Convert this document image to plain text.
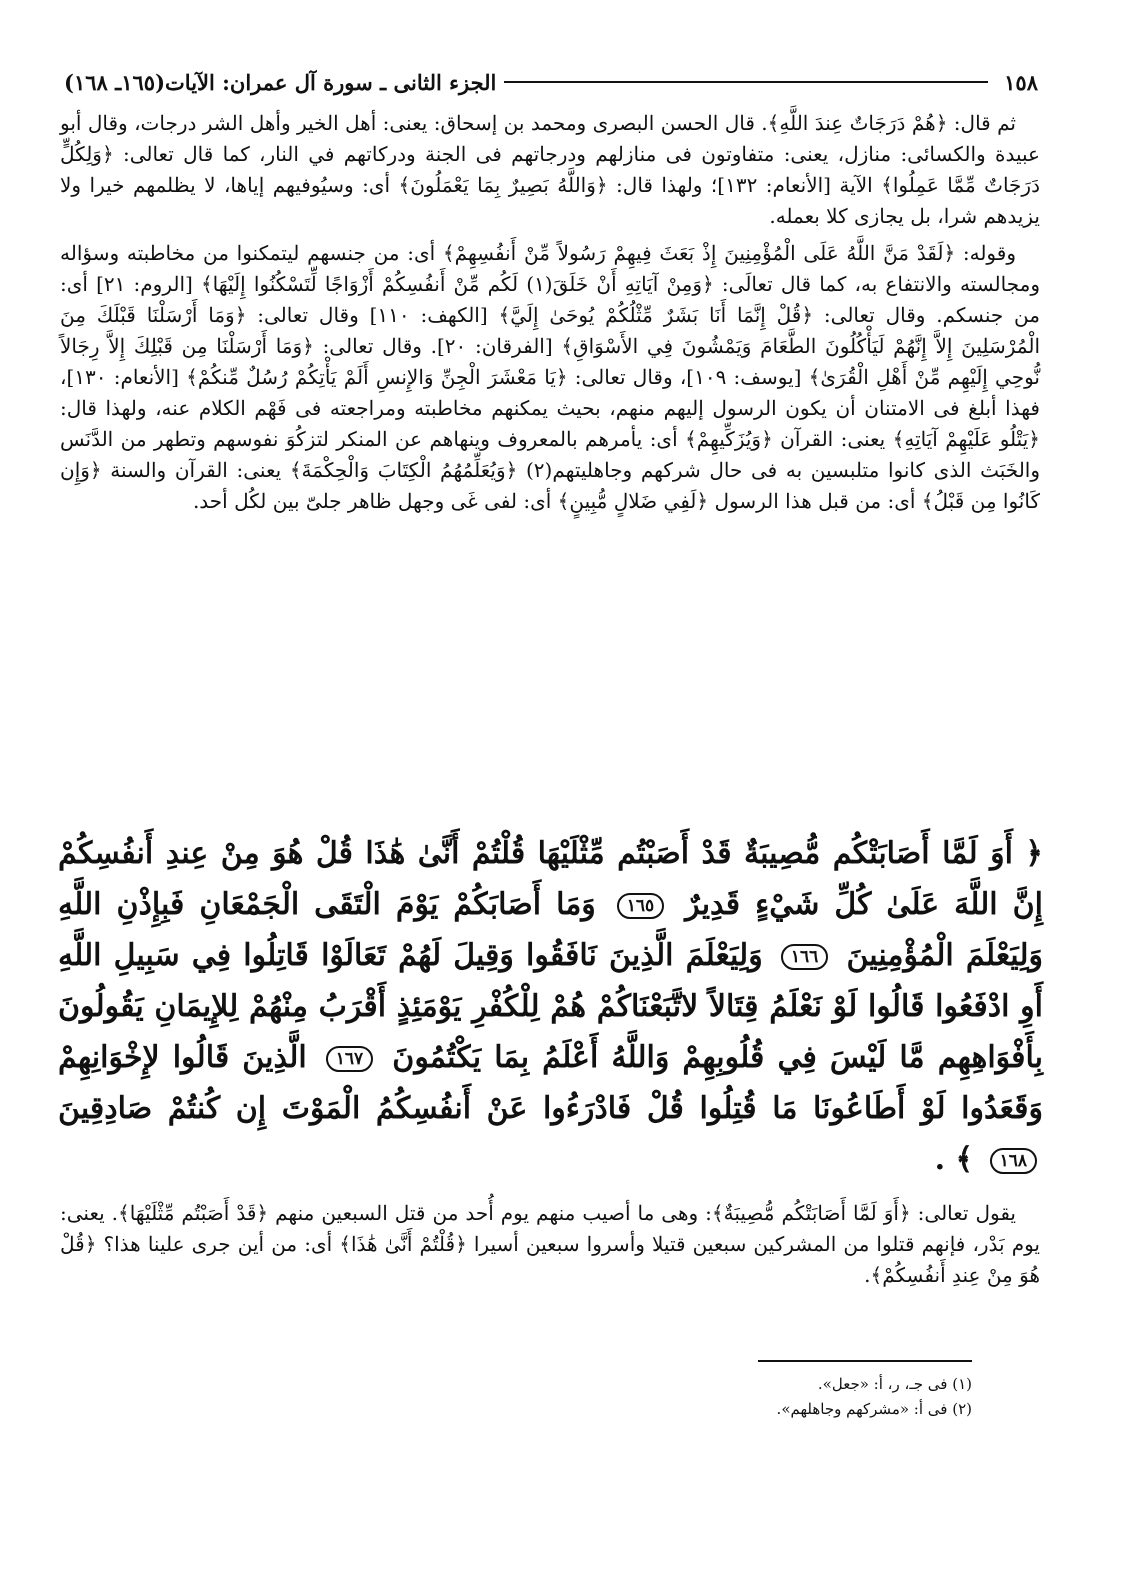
١٥٨
الجزء الثانى ـ سورة آل عمران: الآيات(١٦٥ـ ١٦٨)

ثم قال: ﴿هُمْ دَرَجَاتٌ عِندَ اللَّهِ﴾. قال الحسن البصرى ومحمد بن إسحاق: يعنى: أهل الخير وأهل الشر درجات، وقال أبو عبيدة والكسائى: منازل، يعنى: متفاوتون فى منازلهم ودرجاتهم فى الجنة ودركاتهم في النار، كما قال تعالى: ﴿وَلِكُلٍّ دَرَجَاتٌ مِّمَّا عَمِلُوا﴾ الآية [الأنعام: ١٣٢]؛ ولهذا قال: ﴿وَاللَّهُ بَصِيرٌ بِمَا يَعْمَلُونَ﴾ أى: وسيُوفيهم إياها، لا يظلمهم خيرا ولا يزيدهم شرا، بل يجازى كلا بعمله.

وقوله: ﴿لَقَدْ مَنَّ اللَّهُ عَلَى الْمُؤْمِنِينَ إِذْ بَعَثَ فِيهِمْ رَسُولاً مِّنْ أَنفُسِهِمْ﴾ أى: من جنسهم ليتمكنوا من مخاطبته وسؤاله ومجالسته والانتفاع به، كما قال تعالَى: ﴿وَمِنْ آيَاتِهِ أَنْ خَلَقَ(١) لَكُم مِّنْ أَنفُسِكُمْ أَزْوَاجًا لِّتَسْكُنُوا إِلَيْهَا﴾ [الروم: ٢١] أى: من جنسكم. وقال تعالى: ﴿قُلْ إِنَّمَا أَنَا بَشَرٌ مِّثْلُكُمْ يُوحَىٰ إِلَيَّ﴾ [الكهف: ١١٠] وقال تعالى: ﴿وَمَا أَرْسَلْنَا قَبْلَكَ مِنَ الْمُرْسَلِينَ إِلاَّ إِنَّهُمْ لَيَأْكُلُونَ الطَّعَامَ وَيَمْشُونَ فِي الأَسْوَاقِ﴾ [الفرقان: ٢٠]. وقال تعالى: ﴿وَمَا أَرْسَلْنَا مِن قَبْلِكَ إِلاَّ رِجَالاً نُّوحِي إِلَيْهِم مِّنْ أَهْلِ الْقُرَىٰ﴾ [يوسف: ١٠٩]، وقال تعالى: ﴿يَا مَعْشَرَ الْجِنِّ وَالإِنسِ أَلَمْ يَأْتِكُمْ رُسُلٌ مِّنكُمْ﴾ [الأنعام: ١٣٠]، فهذا أبلغ فى الامتنان أن يكون الرسول إليهم منهم، بحيث يمكنهم مخاطبته ومراجعته فى فَهْم الكلام عنه، ولهذا قال: ﴿يَتْلُو عَلَيْهِمْ آيَاتِهِ﴾ يعنى: القرآن ﴿وَيُزَكِّيهِمْ﴾ أى: يأمرهم بالمعروف وينهاهم عن المنكر لتزكُوَ نفوسهم وتطهر من الدَّنَس والخَبَث الذى كانوا متلبسين به فى حال شركهم وجاهليتهم(٢) ﴿وَيُعَلِّمُهُمُ الْكِتَابَ وَالْحِكْمَةَ﴾ يعنى: القرآن والسنة ﴿وَإِن كَانُوا مِن قَبْلُ﴾ أى: من قبل هذا الرسول ﴿لَفِي ضَلالٍ مُّبِينٍ﴾ أى: لفى غَى وجهل ظاهر جلىّ بين لكُل أحد.

﴿ أَوَ لَمَّا أَصَابَتْكُم مُّصِيبَةٌ قَدْ أَصَبْتُم مِّثْلَيْهَا قُلْتُمْ أَنَّىٰ هَٰذَا قُلْ هُوَ مِنْ عِندِ أَنفُسِكُمْ إِنَّ اللَّهَ عَلَىٰ كُلِّ شَيْءٍ قَدِيرٌ ١٦٥ وَمَا أَصَابَكُمْ يَوْمَ الْتَقَى الْجَمْعَانِ فَبِإِذْنِ اللَّهِ وَلِيَعْلَمَ الْمُؤْمِنِينَ ١٦٦ وَلِيَعْلَمَ الَّذِينَ نَافَقُوا وَقِيلَ لَهُمْ تَعَالَوْا قَاتِلُوا فِي سَبِيلِ اللَّهِ أَوِ ادْفَعُوا قَالُوا لَوْ نَعْلَمُ قِتَالاً لاتَّبَعْنَاكُمْ هُمْ لِلْكُفْرِ يَوْمَئِذٍ أَقْرَبُ مِنْهُمْ لِلإِيمَانِ يَقُولُونَ بِأَفْوَاهِهِم مَّا لَيْسَ فِي قُلُوبِهِمْ وَاللَّهُ أَعْلَمُ بِمَا يَكْتُمُونَ ١٦٧ الَّذِينَ قَالُوا لإِخْوَانِهِمْ وَقَعَدُوا لَوْ أَطَاعُونَا مَا قُتِلُوا قُلْ فَادْرَءُوا عَنْ أَنفُسِكُمُ الْمَوْتَ إِن كُنتُمْ صَادِقِينَ ١٦٨ ﴾ .

يقول تعالى: ﴿أَوَ لَمَّا أَصَابَتْكُم مُّصِيبَةٌ﴾: وهى ما أصيب منهم يوم أُحد من قتل السبعين منهم ﴿قَدْ أَصَبْتُم مِّثْلَيْهَا﴾. يعنى: يوم بَدْر، فإنهم قتلوا من المشركين سبعين قتيلا وأسروا سبعين أسيرا ﴿قُلْتُمْ أَنَّىٰ هَٰذَا﴾ أى: من أين جرى علينا هذا؟ ﴿قُلْ هُوَ مِنْ عِندِ أَنفُسِكُمْ﴾.

(١) فى جـ، ر، أ: «جعل».
(٢) فى أ: «مشركهم وجاهلهم».
